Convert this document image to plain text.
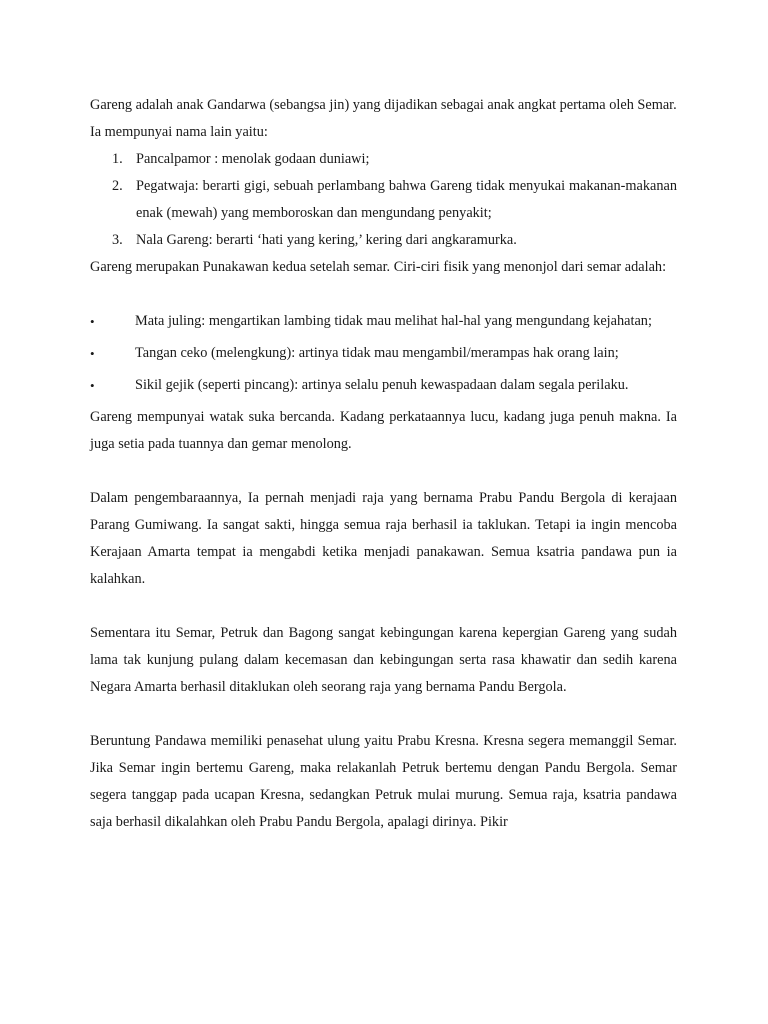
Gareng adalah anak Gandarwa (sebangsa jin) yang dijadikan sebagai anak angkat pertama oleh Semar.

Ia mempunyai nama lain yaitu:

1. Pancalpamor : menolak godaan duniawi;
2. Pegatwaja: berarti gigi, sebuah perlambang bahwa Gareng tidak menyukai makanan-makanan enak (mewah) yang memboroskan dan mengundang penyakit;
3. Nala Gareng: berarti ‘hati yang kering,’ kering dari angkaramurka.

Gareng merupakan Punakawan kedua setelah semar. Ciri-ciri fisik yang menonjol dari semar adalah:

•	Mata juling: mengartikan lambing tidak mau melihat hal-hal yang mengundang kejahatan;
•	Tangan ceko (melengkung): artinya tidak mau mengambil/merampas hak orang lain;
•	Sikil gejik (seperti pincang): artinya selalu penuh kewaspadaan dalam segala perilaku.

Gareng mempunyai watak suka bercanda. Kadang perkataannya lucu, kadang juga penuh makna. Ia juga setia pada tuannya dan gemar menolong.

Dalam pengembaraannya, Ia pernah menjadi raja yang bernama Prabu Pandu Bergola di kerajaan Parang Gumiwang. Ia sangat sakti, hingga semua raja berhasil ia taklukan. Tetapi ia ingin mencoba Kerajaan Amarta tempat ia mengabdi ketika menjadi panakawan. Semua ksatria pandawa pun ia kalahkan.

Sementara itu Semar, Petruk dan Bagong sangat kebingungan karena kepergian Gareng yang sudah lama tak kunjung pulang dalam kecemasan dan kebingungan serta rasa khawatir dan sedih karena Negara Amarta berhasil ditaklukan oleh seorang raja yang bernama Pandu Bergola.

Beruntung Pandawa memiliki penasehat ulung yaitu Prabu Kresna. Kresna segera memanggil Semar. Jika Semar ingin bertemu Gareng, maka relakanlah Petruk bertemu dengan Pandu Bergola. Semar segera tanggap pada ucapan Kresna, sedangkan Petruk mulai murung. Semua raja, ksatria pandawa saja berhasil dikalahkan oleh Prabu Pandu Bergola, apalagi dirinya. Pikir
